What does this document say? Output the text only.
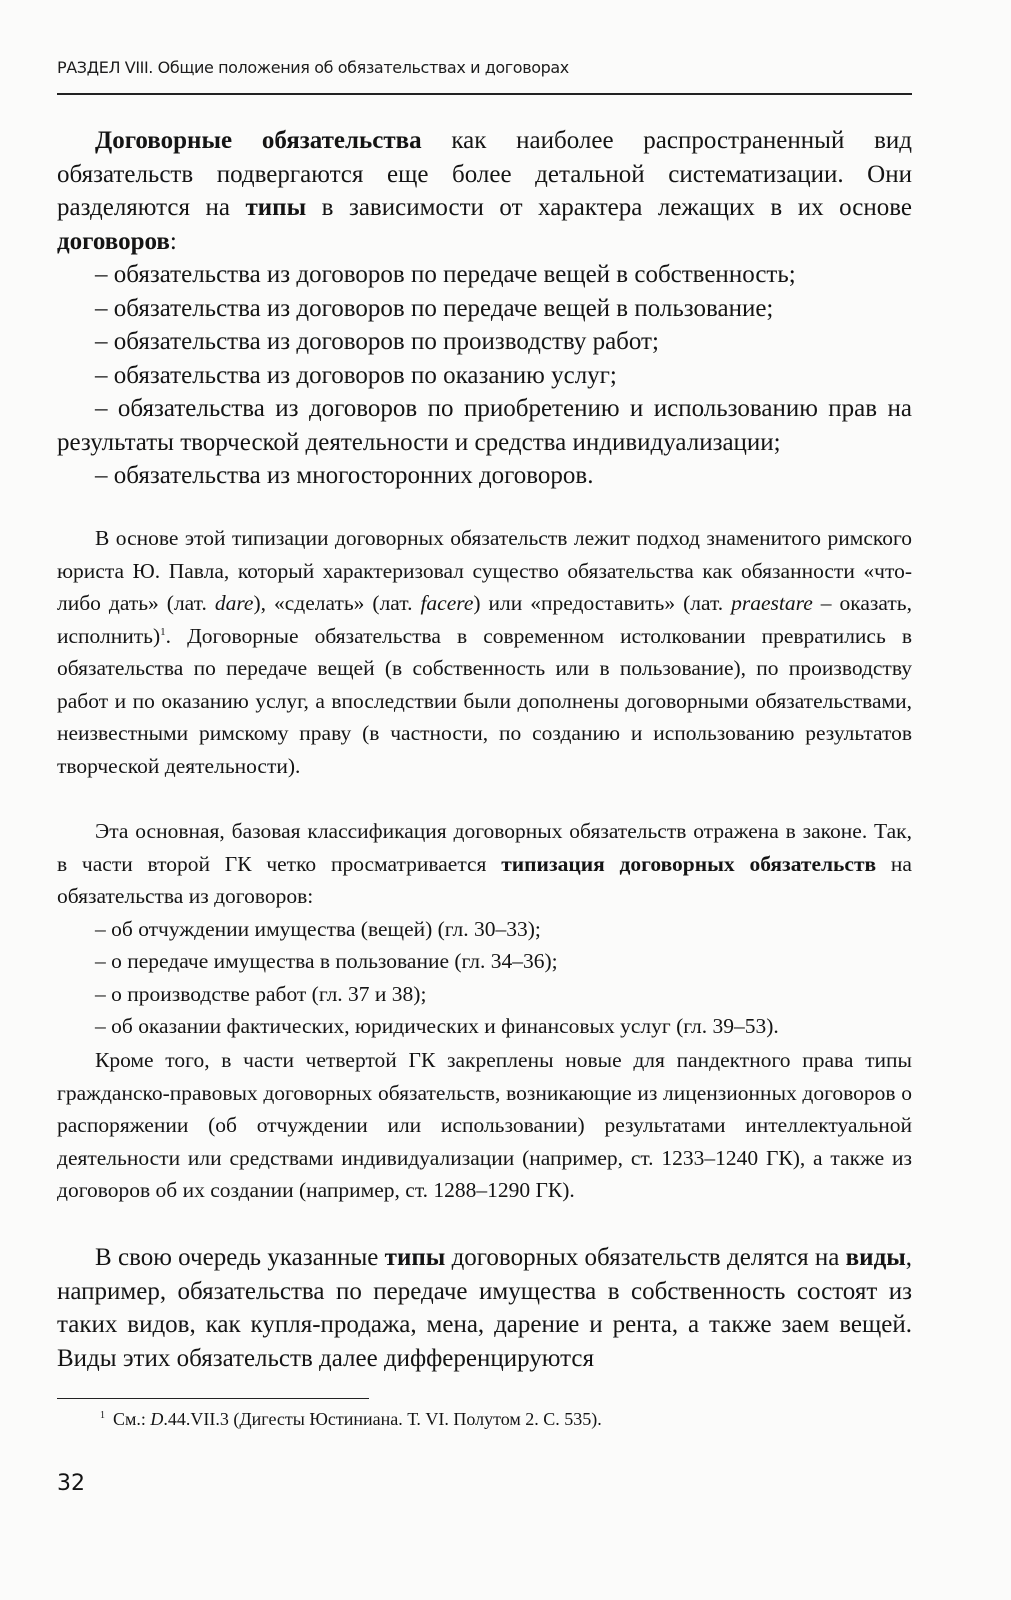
РАЗДЕЛ VIII. Общие положения об обязательствах и договорах

Договорные обязательства как наиболее распространенный вид обязательств подвергаются еще более детальной систематизации. Они разделяются на типы в зависимости от характера лежащих в их основе договоров:

– обязательства из договоров по передаче вещей в собственность;

– обязательства из договоров по передаче вещей в пользование;

– обязательства из договоров по производству работ;

– обязательства из договоров по оказанию услуг;

– обязательства из договоров по приобретению и использованию прав на результаты творческой деятельности и средства индивидуализации;

– обязательства из многосторонних договоров.

В основе этой типизации договорных обязательств лежит подход знаменитого римского юриста Ю. Павла, который характеризовал существо обязательства как обязанности «что-либо дать» (лат. dare), «сделать» (лат. facere) или «предоставить» (лат. praestare – оказать, исполнить)$^1$. Договорные обязательства в современном истолковании превратились в обязательства по передаче вещей (в собственность или в пользование), по производству работ и по оказанию услуг, а впоследствии были дополнены договорными обязательствами, неизвестными римскому праву (в частности, по созданию и использованию результатов творческой деятельности).

Эта основная, базовая классификация договорных обязательств отражена в законе. Так, в части второй ГК четко просматривается типизация договорных обязательств на обязательства из договоров:

– об отчуждении имущества (вещей) (гл. 30–33);

– о передаче имущества в пользование (гл. 34–36);

– о производстве работ (гл. 37 и 38);

– об оказании фактических, юридических и финансовых услуг (гл. 39–53).

Кроме того, в части четвертой ГК закреплены новые для пандектного права типы гражданско-правовых договорных обязательств, возникающие из лицензионных договоров о распоряжении (об отчуждении или использовании) результатами интеллектуальной деятельности или средствами индивидуализации (например, ст. 1233–1240 ГК), а также из договоров об их создании (например, ст. 1288–1290 ГК).

В свою очередь указанные типы договорных обязательств делятся на виды, например, обязательства по передаче имущества в собственность состоят из таких видов, как купля-продажа, мена, дарение и рента, а также заем вещей. Виды этих обязательств далее дифференцируются

$^1$ См.: D.44.VII.3 (Дигесты Юстиниана. Т. VI. Полутом 2. С. 535).
32
